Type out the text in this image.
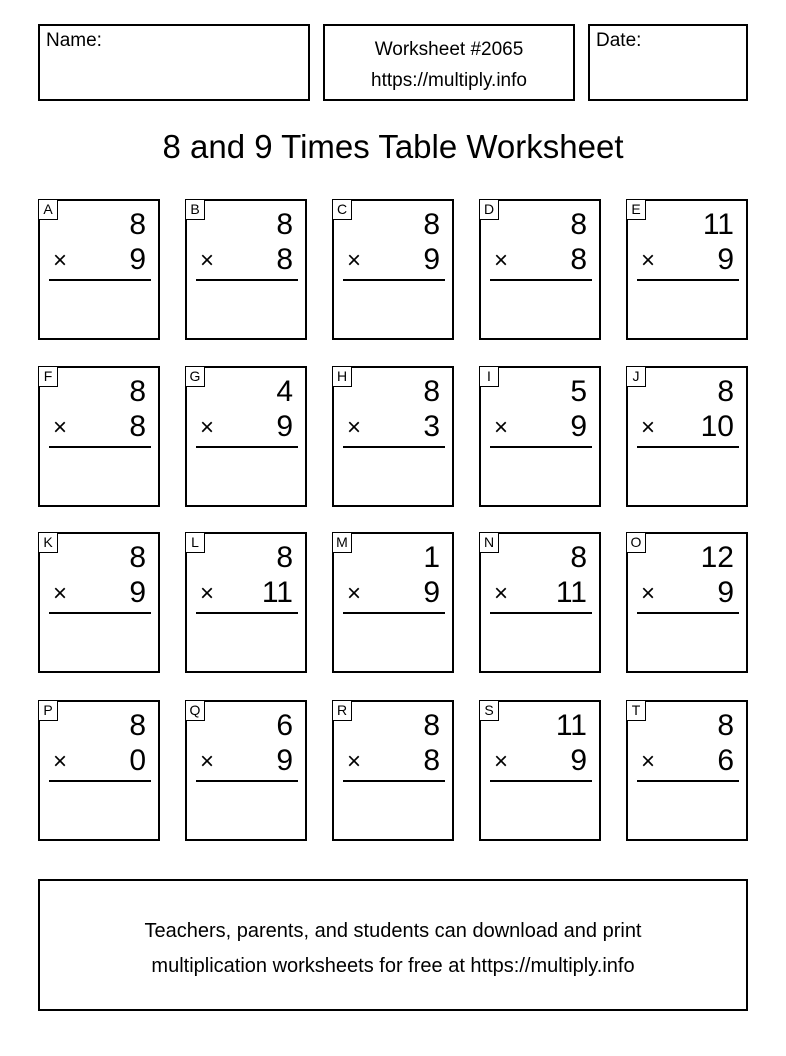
Name:	Worksheet #2065
https://multiply.info
Date:
8 and 9 Times Table Worksheet
A	8
× 9
B	8
× 8
C	8
× 9
D	8
× 8
E 11
× 9
F	8
× 8
G	4
× 9
H	8
× 3
I	5
× 9
J	8
× 10
K	8
× 9
L	8
× 11
M	1
× 9
N	8
× 11
O 12
× 9
P	8
× 0
Q	6
× 9
R	8
× 8
S 11
× 9
T	8
× 6
Teachers, parents, and students can download and print
multiplication worksheets for free at https://multiply.info
